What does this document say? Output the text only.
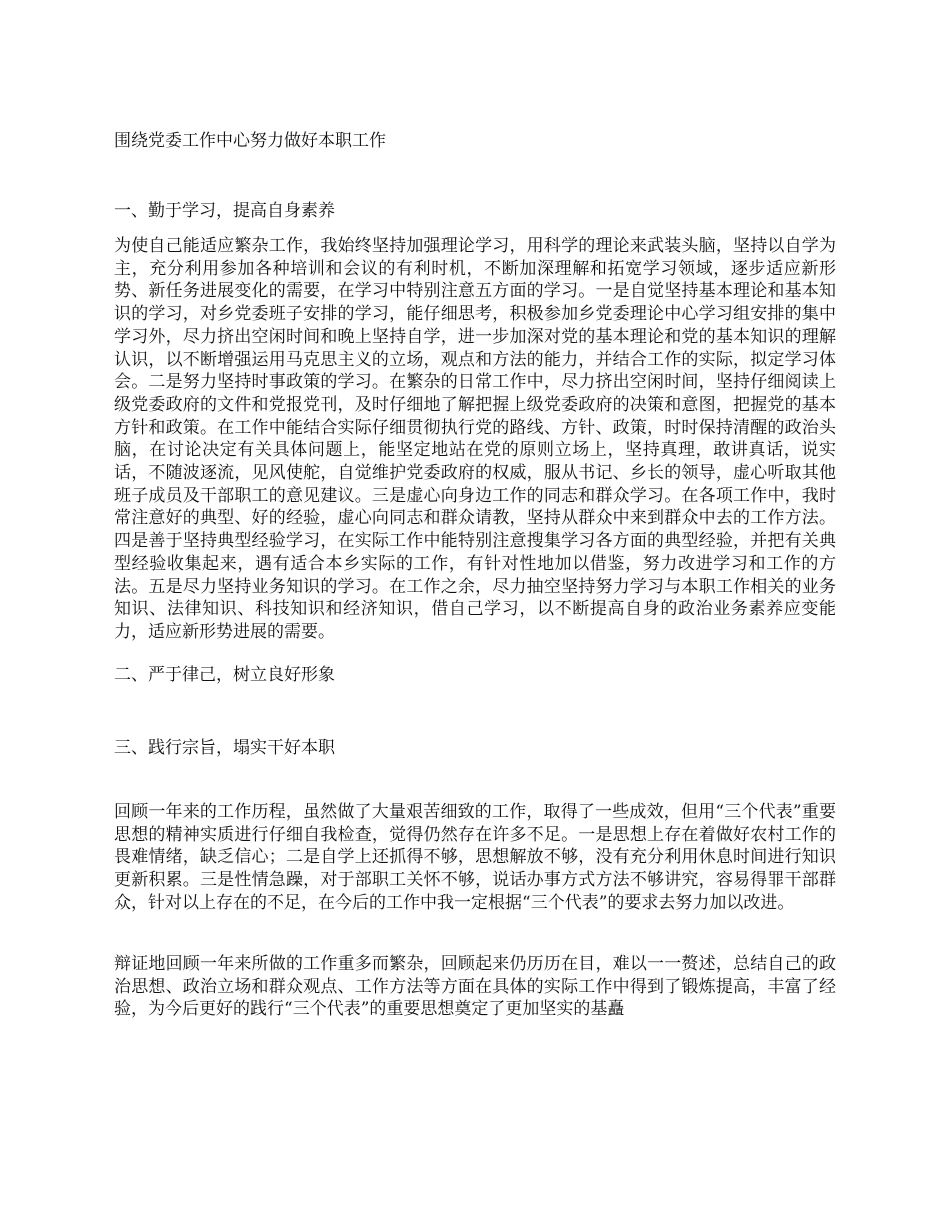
围绕党委工作中心努力做好本职工作

一、勤于学习，提高自身素养

为使自己能适应繁杂工作，我始终坚持加强理论学习，用科学的理论来武装头脑，坚持以自学为主，充分利用参加各种培训和会议的有利时机，不断加深理解和拓宽学习领域，逐步适应新形势、新任务进展变化的需要，在学习中特别注意五方面的学习。一是自觉坚持基本理论和基本知识的学习，对乡党委班子安排的学习，能仔细思考，积极参加乡党委理论中心学习组安排的集中学习外，尽力挤出空闲时间和晚上坚持自学，进一步加深对党的基本理论和党的基本知识的理解认识，以不断增强运用马克思主义的立场，观点和方法的能力，并结合工作的实际，拟定学习体会。二是努力坚持时事政策的学习。在繁杂的日常工作中，尽力挤出空闲时间，坚持仔细阅读上级党委政府的文件和党报党刊，及时仔细地了解把握上级党委政府的决策和意图，把握党的基本方针和政策。在工作中能结合实际仔细贯彻执行党的路线、方针、政策，时时保持清醒的政治头脑，在讨论决定有关具体问题上，能坚定地站在党的原则立场上，坚持真理，敢讲真话，说实话，不随波逐流，见风使舵，自觉维护党委政府的权威，服从书记、乡长的领导，虚心听取其他班子成员及干部职工的意见建议。三是虚心向身边工作的同志和群众学习。在各项工作中，我时常注意好的典型、好的经验，虚心向同志和群众请教，坚持从群众中来到群众中去的工作方法。四是善于坚持典型经验学习，在实际工作中能特别注意搜集学习各方面的典型经验，并把有关典型经验收集起来，遇有适合本乡实际的工作，有针对性地加以借鉴，努力改进学习和工作的方法。五是尽力坚持业务知识的学习。在工作之余，尽力抽空坚持努力学习与本职工作相关的业务知识、法律知识、科技知识和经济知识，借自己学习，以不断提高自身的政治业务素养应变能力，适应新形势进展的需要。

二、严于律己，树立良好形象

三、践行宗旨，塌实干好本职

回顾一年来的工作历程，虽然做了大量艰苦细致的工作，取得了一些成效，但用“三个代表”重要思想的精神实质进行仔细自我检查，觉得仍然存在许多不足。一是思想上存在着做好农村工作的畏难情绪，缺乏信心；二是自学上还抓得不够，思想解放不够，没有充分利用休息时间进行知识更新积累。三是性情急躁，对于部职工关怀不够，说话办事方式方法不够讲究，容易得罪干部群众，针对以上存在的不足，在今后的工作中我一定根据“三个代表”的要求去努力加以改进。

辩证地回顾一年来所做的工作重多而繁杂，回顾起来仍历历在目，难以一一赘述，总结自己的政治思想、政治立场和群众观点、工作方法等方面在具体的实际工作中得到了锻炼提高，丰富了经验，为今后更好的践行“三个代表”的重要思想奠定了更加坚实的基矗
